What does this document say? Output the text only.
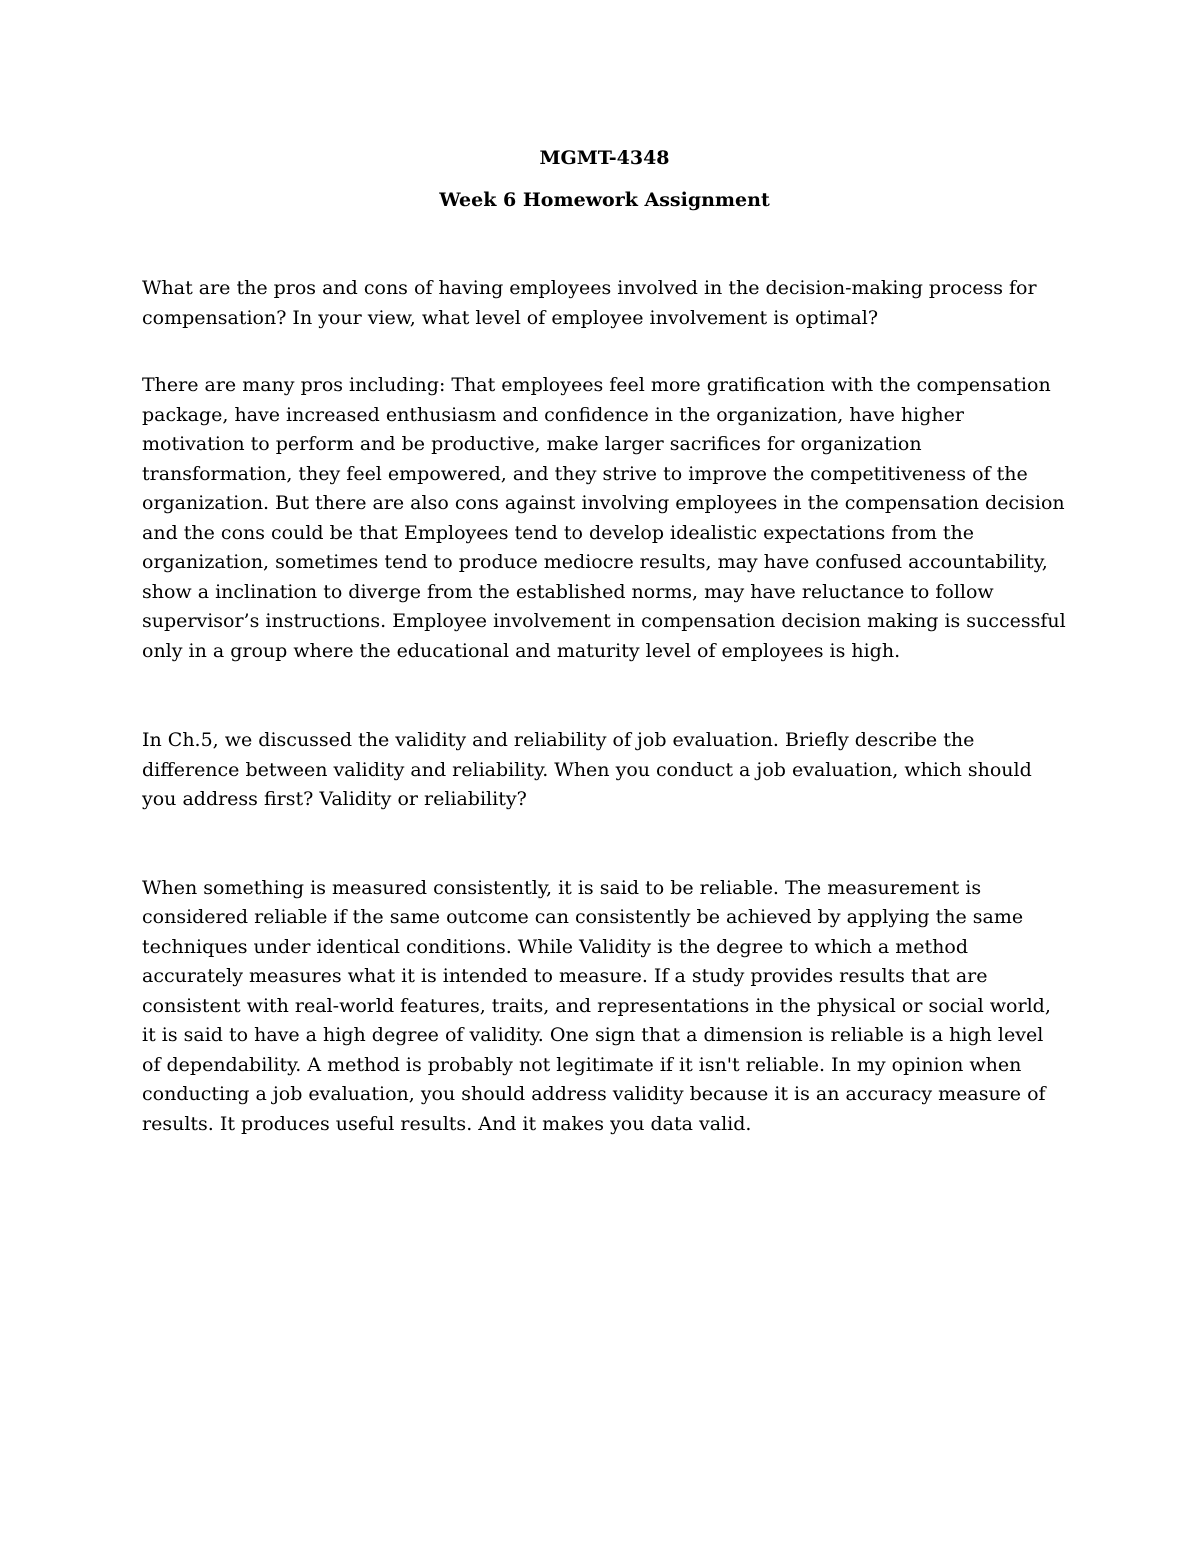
MGMT-4348
Week 6 Homework Assignment

What are the pros and cons of having employees involved in the decision-making process for compensation? In your view, what level of employee involvement is optimal?

There are many pros including: That employees feel more gratification with the compensation package, have increased enthusiasm and confidence in the organization, have higher motivation to perform and be productive, make larger sacrifices for organization transformation, they feel empowered, and they strive to improve the competitiveness of the organization. But there are also cons against involving employees in the compensation decision and the cons could be that Employees tend to develop idealistic expectations from the organization, sometimes tend to produce mediocre results, may have confused accountability, show a inclination to diverge from the established norms, may have reluctance to follow supervisor’s instructions. Employee involvement in compensation decision making is successful only in a group where the educational and maturity level of employees is high.

In Ch.5, we discussed the validity and reliability of job evaluation. Briefly describe the difference between validity and reliability. When you conduct a job evaluation, which should you address first? Validity or reliability?

When something is measured consistently, it is said to be reliable. The measurement is considered reliable if the same outcome can consistently be achieved by applying the same techniques under identical conditions. While Validity is the degree to which a method accurately measures what it is intended to measure. If a study provides results that are consistent with real-world features, traits, and representations in the physical or social world, it is said to have a high degree of validity. One sign that a dimension is reliable is a high level of dependability. A method is probably not legitimate if it isn't reliable. In my opinion when conducting a job evaluation, you should address validity because it is an accuracy measure of results. It produces useful results. And it makes you data valid.
